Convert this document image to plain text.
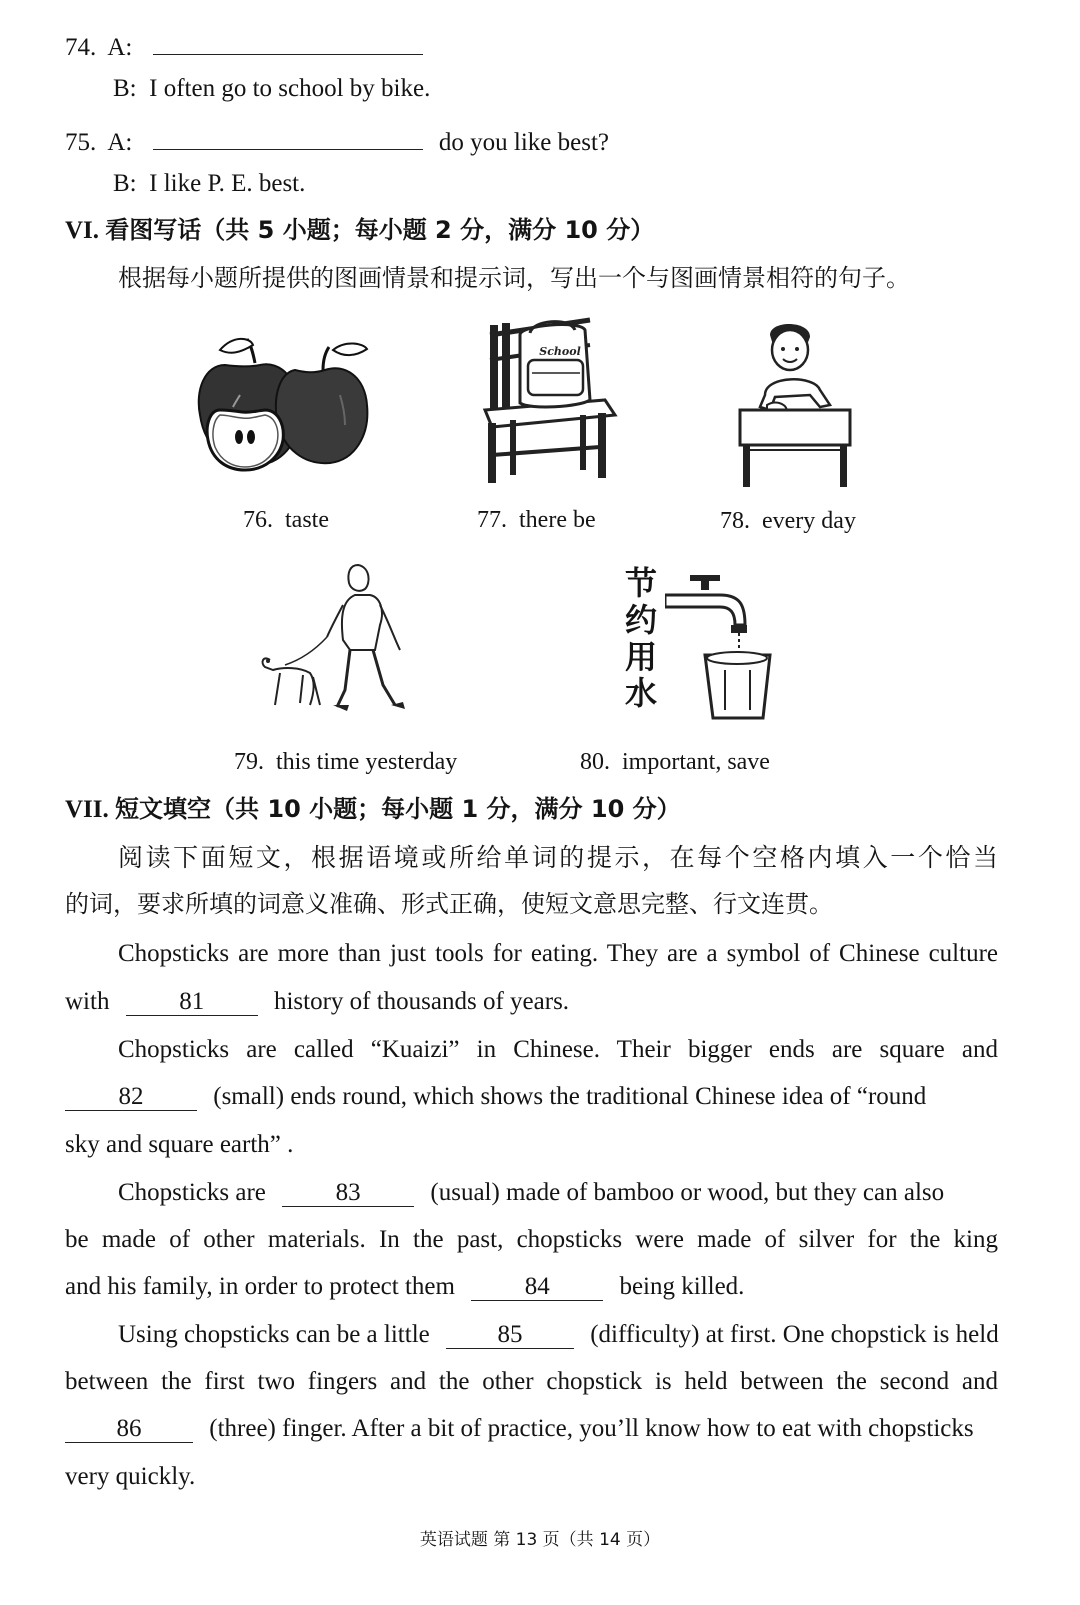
74. A:
B: I often go to school by bike.
75. A:	do you like best?
B: I like P. E. best.
VI. 看图写话（共 5 小题；每小题 2 分，满分 10 分）
根据每小题所提供的图画情景和提示词，写出一个与图画情景相符的句子。
School
76. taste	77. there be	78. every day
节
约
用
水
79. this time yesterday	80. important, save
VII. 短文填空（共 10 小题；每小题 1 分，满分 10 分）
阅读下面短文，根据语境或所给单词的提示，在每个空格内填入一个恰当
的词，要求所填的词意义准确、形式正确，使短文意思完整、行文连贯。
Chopsticks are more than just tools for eating. They are a symbol of Chinese culture
with	81	history of thousands of years.
Chopsticks are called “Kuaizi” in Chinese. Their bigger ends are square and
82	(small) ends round, which shows the traditional Chinese idea of “round
sky and square earth” .
Chopsticks are	83	(usual) made of bamboo or wood, but they can also
be made of other materials. In the past, chopsticks were made of silver for the king
and his family, in order to protect them	84	being killed.
Using chopsticks can be a little	85	(difficulty) at first. One chopstick is held
between the first two fingers and the other chopstick is held between the second and
86	(three) finger. After a bit of practice, you’ll know how to eat with chopsticks
very quickly.
英语试题 第 13 页（共 14 页）
